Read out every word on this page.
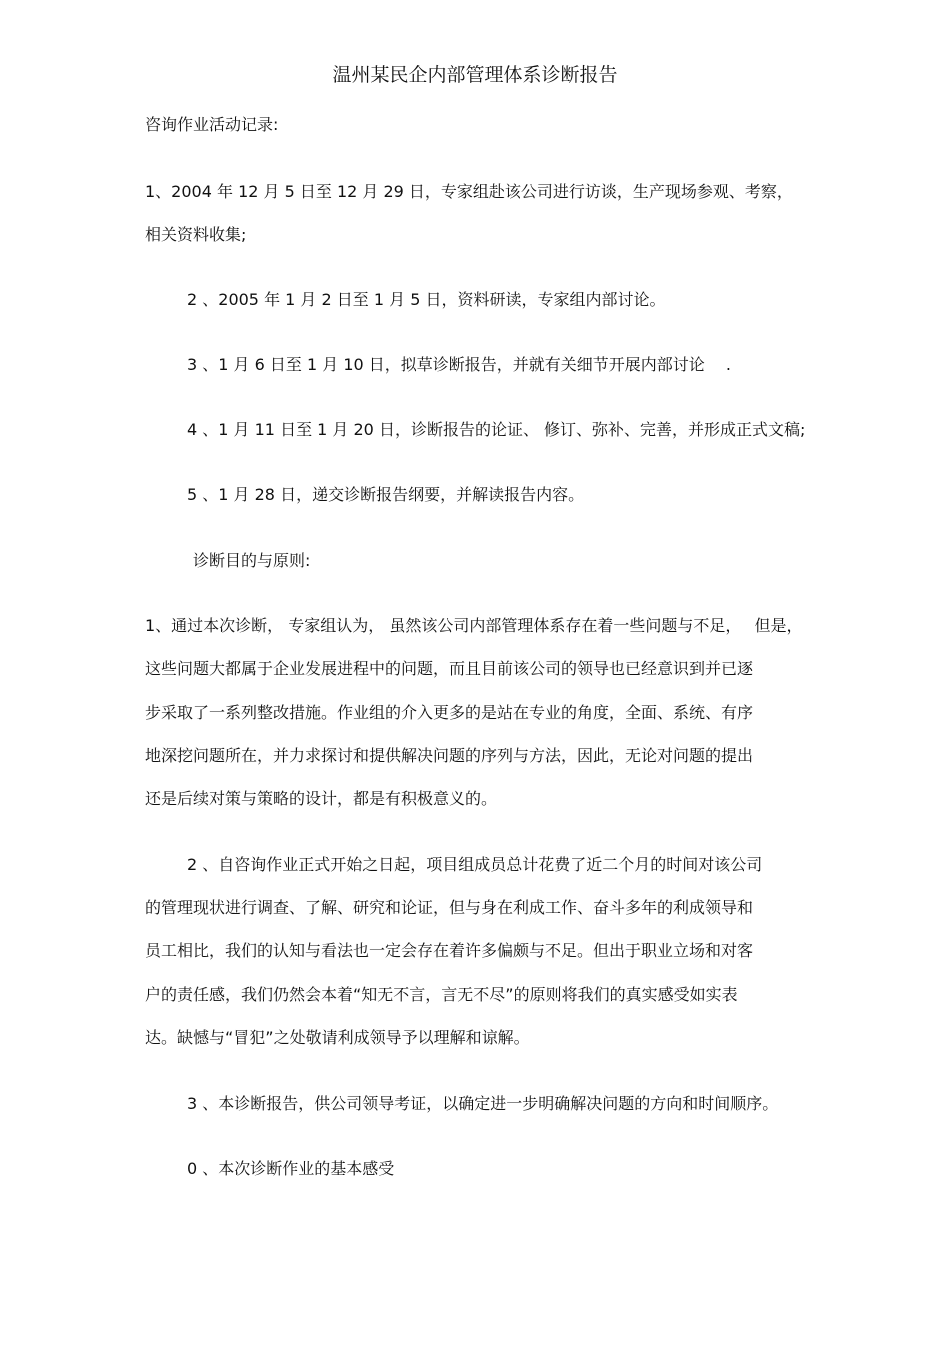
温州某民企内部管理体系诊断报告
咨询作业活动记录:
1、2004 年 12 月 5 日至 12 月 29 日，专家组赴该公司进行访谈，生产现场参观、考察，
相关资料收集;
2 、2005 年 1 月 2 日至 1 月 5 日，资料研读，专家组内部讨论。
3 、1 月 6 日至 1 月 10 日，拟草诊断报告，并就有关细节开展内部讨论　 .
4 、1 月 11 日至 1 月 20 日，诊断报告的论证、 修订、弥补、完善，并形成正式文稿;
5 、1 月 28 日，递交诊断报告纲要，并解读报告内容。
诊断目的与原则:
1、通过本次诊断， 专家组认为， 虽然该公司内部管理体系存在着一些问题与不足，　 但是，
这些问题大都属于企业发展进程中的问题，而且目前该公司的领导也已经意识到并已逐
步采取了一系列整改措施。作业组的介入更多的是站在专业的角度，全面、系统、有序
地深挖问题所在，并力求探讨和提供解决问题的序列与方法，因此，无论对问题的提出
还是后续对策与策略的设计，都是有积极意义的。
2 、自咨询作业正式开始之日起，项目组成员总计花费了近二个月的时间对该公司
的管理现状进行调查、了解、研究和论证，但与身在利成工作、奋斗多年的利成领导和
员工相比，我们的认知与看法也一定会存在着许多偏颇与不足。但出于职业立场和对客
户的责任感，我们仍然会本着“知无不言，言无不尽”的原则将我们的真实感受如实表
达。缺憾与“冒犯”之处敬请利成领导予以理解和谅解。
3 、本诊断报告，供公司领导考证，以确定进一步明确解决问题的方向和时间顺序。
0 、本次诊断作业的基本感受
